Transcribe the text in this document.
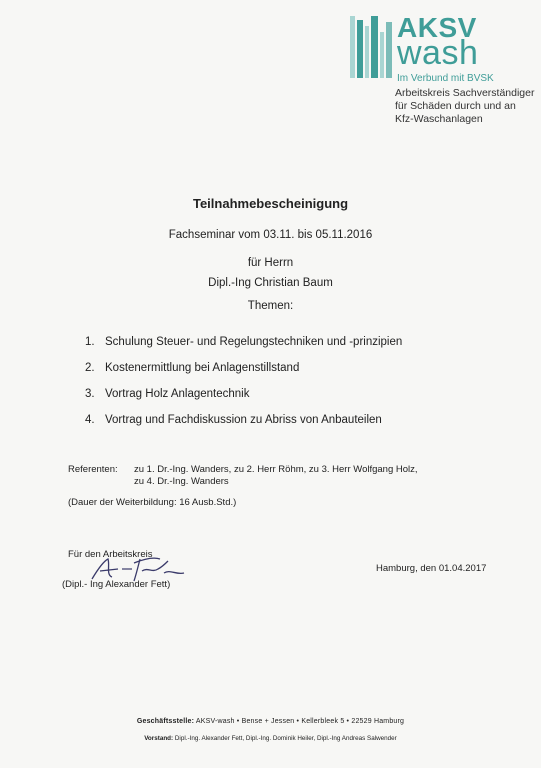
AKSV
wash
Im Verbund mit BVSK
Arbeitskreis Sachverständiger
für Schäden durch und an
Kfz-Waschanlagen
Teilnahmebescheinigung
Fachseminar vom 03.11. bis 05.11.2016
für Herrn
Dipl.-Ing Christian Baum
Themen:
1. Schulung Steuer- und Regelungstechniken und -prinzipien
2. Kostenermittlung bei Anlagenstillstand
3. Vortrag Holz Anlagentechnik
4. Vortrag und Fachdiskussion zu Abriss von Anbauteilen
Referenten: zu 1. Dr.-Ing. Wanders, zu 2. Herr Röhm, zu 3. Herr Wolfgang Holz,
zu 4. Dr.-Ing. Wanders
(Dauer der Weiterbildung: 16 Ausb.Std.)
Für den Arbeitskreis
(Dipl.- Ing Alexander Fett)
Hamburg, den 01.04.2017
Geschäftsstelle: AKSV-wash • Bense + Jessen • Kellerbleek 5 • 22529 Hamburg
Vorstand: Dipl.-Ing. Alexander Fett, Dipl.-Ing. Dominik Heiler, Dipl.-Ing Andreas Salwender
